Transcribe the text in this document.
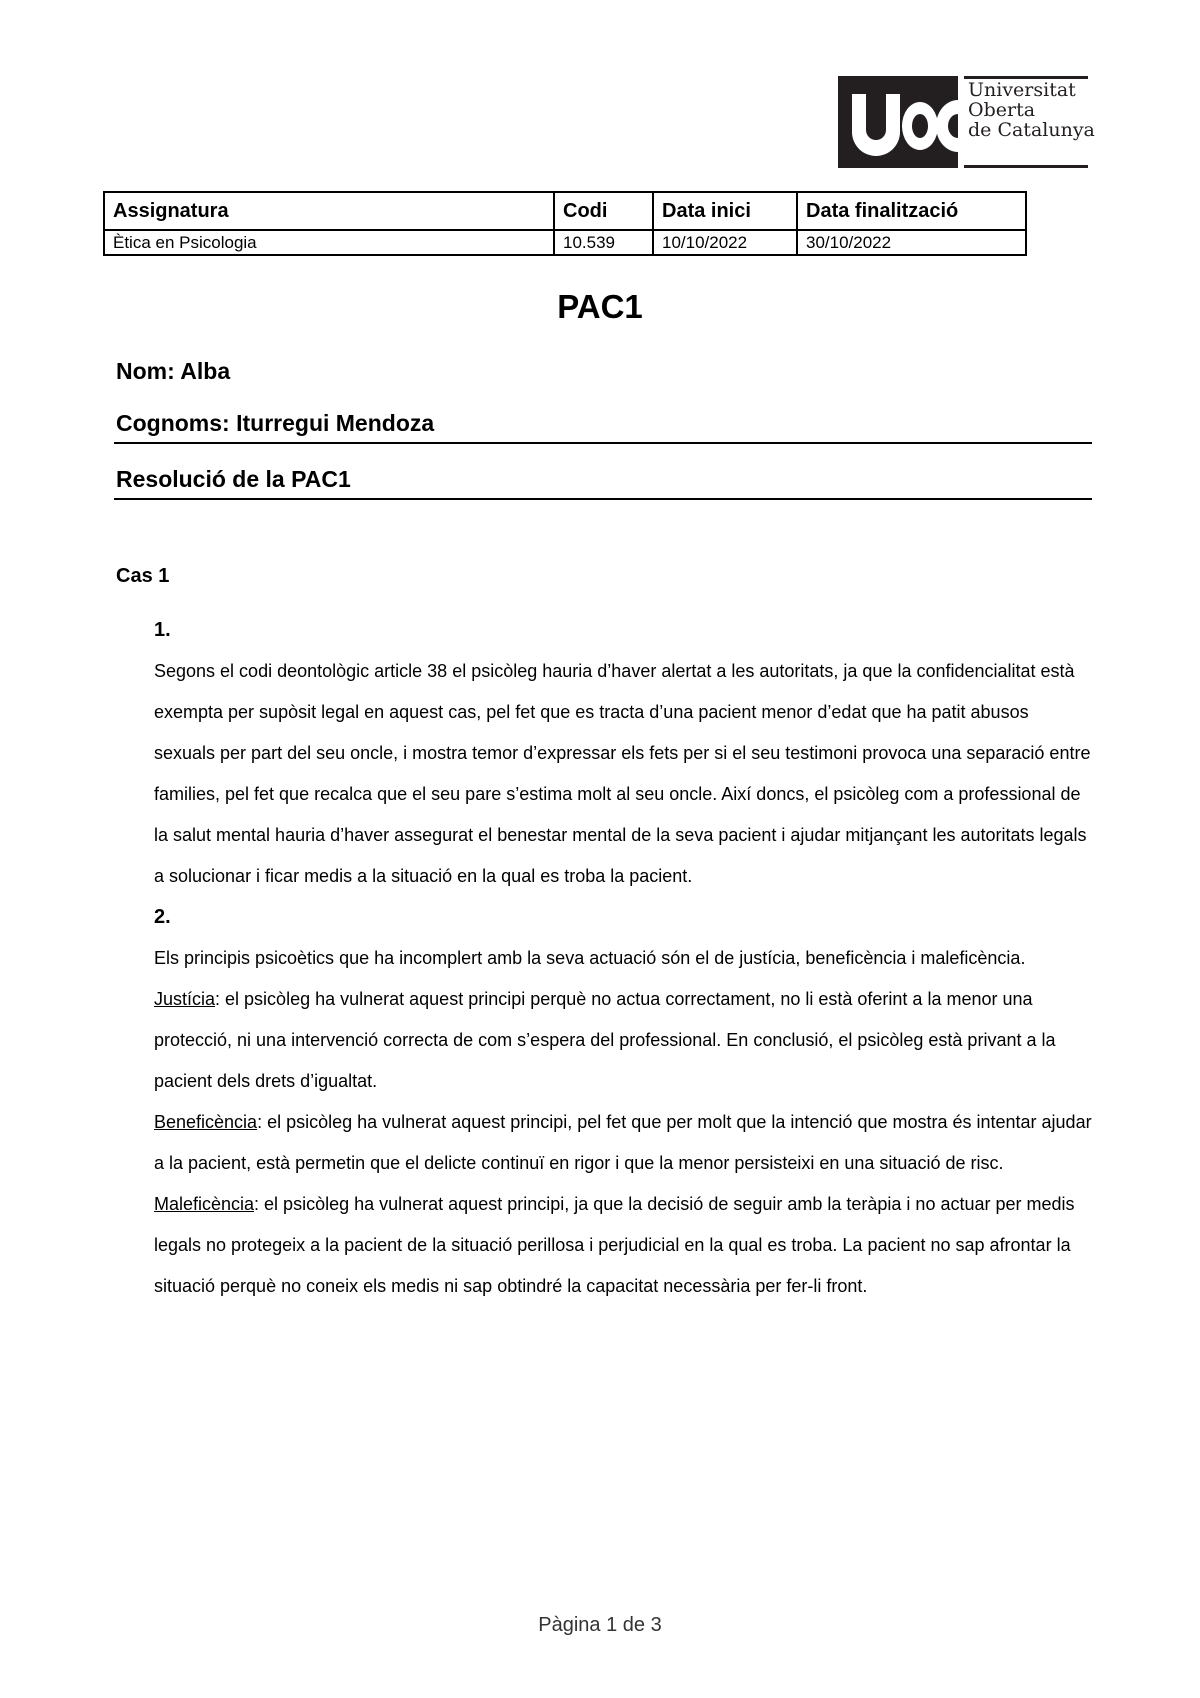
Universitat
Oberta
de Catalunya
Assignatura	Codi	Data inici	Data finalització
Ètica en Psicologia	10.539	10/10/2022	30/10/2022
PAC1
Nom: Alba
Cognoms: Iturregui Mendoza
Resolució de la PAC1
Cas 1
1.

Segons el codi deontològic article 38 el psicòleg hauria d’haver alertat a les autoritats, ja que la confidencialitat està exempta per supòsit legal en aquest cas, pel fet que es tracta d’una pacient menor d’edat que ha patit abusos sexuals per part del seu oncle, i mostra temor d’expressar els fets per si el seu testimoni provoca una separació entre families, pel fet que recalca que el seu pare s’estima molt al seu oncle. Així doncs, el psicòleg com a professional de la salut mental hauria d’haver assegurat el benestar mental de la seva pacient i ajudar mitjançant les autoritats legals a solucionar i ficar medis a la situació en la qual es troba la pacient.

2.

Els principis psicoètics que ha incomplert amb la seva actuació són el de justícia, beneficència i maleficència.

Justícia: el psicòleg ha vulnerat aquest principi perquè no actua correctament, no li està oferint a la menor una protecció, ni una intervenció correcta de com s’espera del professional. En conclusió, el psicòleg està privant a la pacient dels drets d’igualtat.

Beneficència: el psicòleg ha vulnerat aquest principi, pel fet que per molt que la intenció que mostra és intentar ajudar a la pacient, està permetin que el delicte continuï en rigor i que la menor persisteixi en una situació de risc.

Maleficència: el psicòleg ha vulnerat aquest principi, ja que la decisió de seguir amb la teràpia i no actuar per medis legals no protegeix a la pacient de la situació perillosa i perjudicial en la qual es troba. La pacient no sap afrontar la situació perquè no coneix els medis ni sap obtindré la capacitat necessària per fer-li front.

Pàgina 1 de 3
